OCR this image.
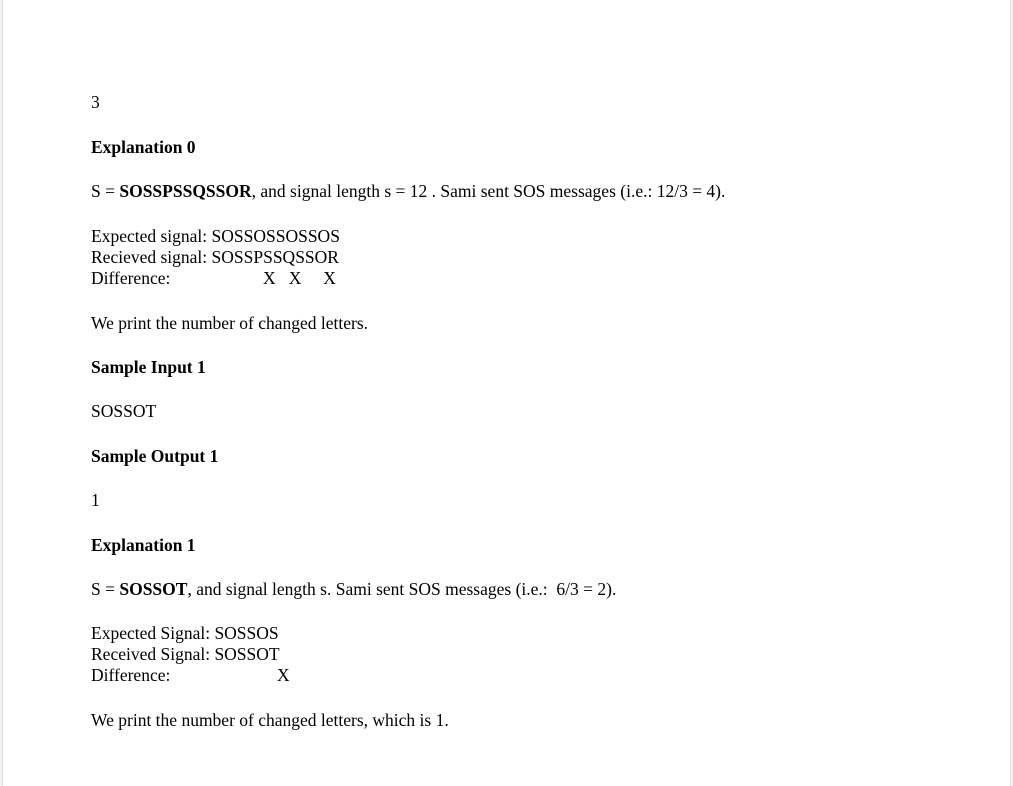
3
Explanation 0
S = SOSSPSSQSSOR, and signal length s = 12 . Sami sent SOS messages (i.e.: 12/3 = 4).
Expected signal: SOSSOSSOSSOS
Recieved signal: SOSSPSSQSSOR
Difference:	X   X     X
We print the number of changed letters.
Sample Input 1
SOSSOT
Sample Output 1
1
Explanation 1
S = SOSSOT, and signal length s. Sami sent SOS messages (i.e.:  6/3 = 2).
Expected Signal: SOSSOS
Received Signal: SOSSOT
Difference:	X
We print the number of changed letters, which is 1.
